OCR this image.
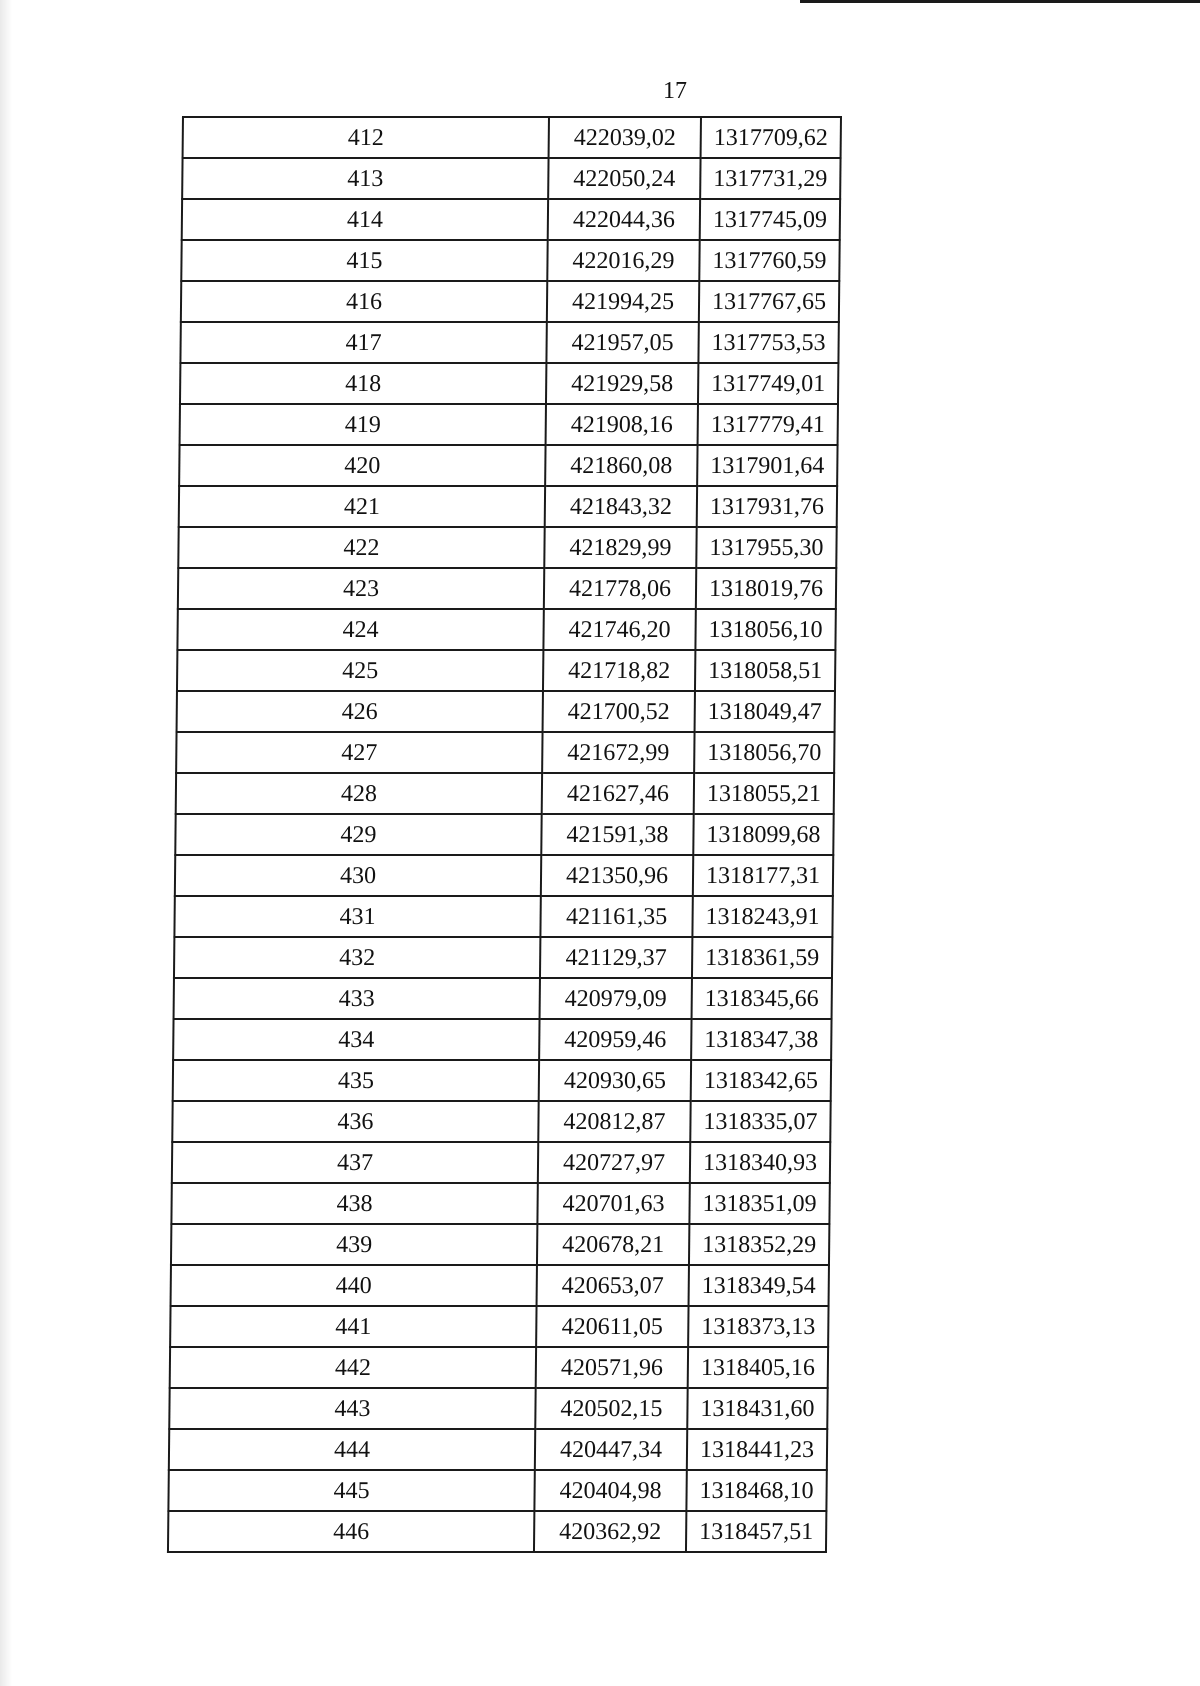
17
412	422039,02	1317709,62
413	422050,24	1317731,29
414	422044,36	1317745,09
415	422016,29	1317760,59
416	421994,25	1317767,65
417	421957,05	1317753,53
418	421929,58	1317749,01
419	421908,16	1317779,41
420	421860,08	1317901,64
421	421843,32	1317931,76
422	421829,99	1317955,30
423	421778,06	1318019,76
424	421746,20	1318056,10
425	421718,82	1318058,51
426	421700,52	1318049,47
427	421672,99	1318056,70
428	421627,46	1318055,21
429	421591,38	1318099,68
430	421350,96	1318177,31
431	421161,35	1318243,91
432	421129,37	1318361,59
433	420979,09	1318345,66
434	420959,46	1318347,38
435	420930,65	1318342,65
436	420812,87	1318335,07
437	420727,97	1318340,93
438	420701,63	1318351,09
439	420678,21	1318352,29
440	420653,07	1318349,54
441	420611,05	1318373,13
442	420571,96	1318405,16
443	420502,15	1318431,60
444	420447,34	1318441,23
445	420404,98	1318468,10
446	420362,92	1318457,51
